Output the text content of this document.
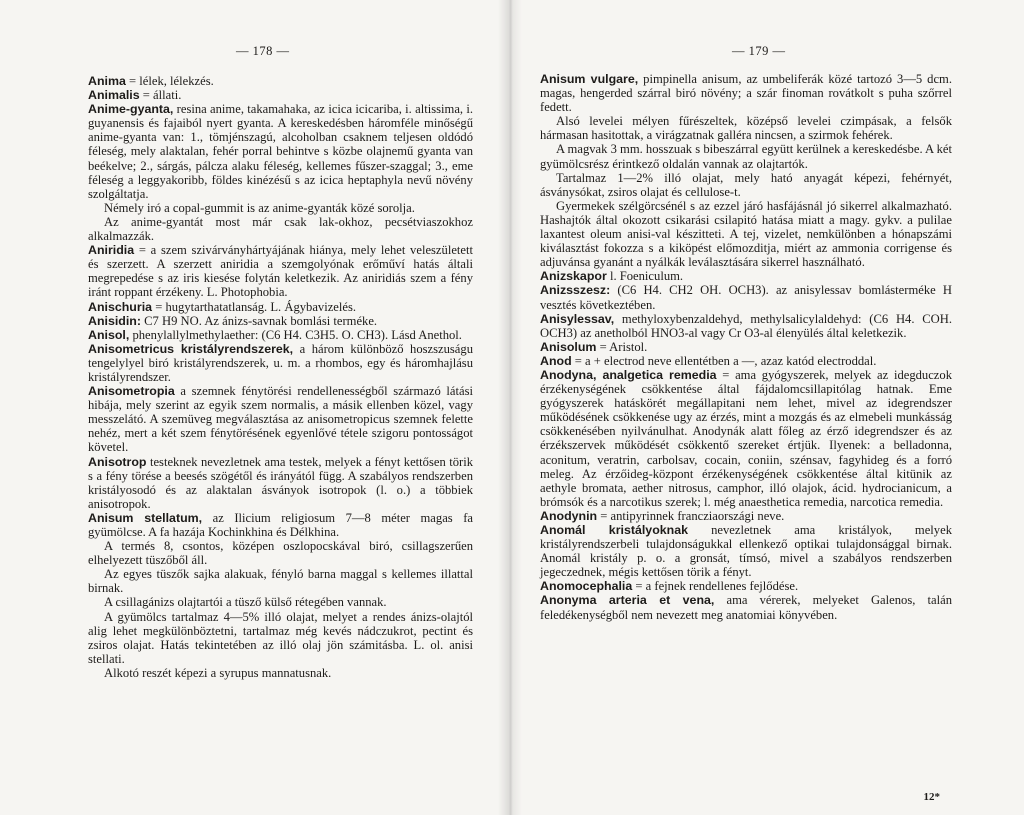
— 178 —

Anima = lélek, lélekzés.

Animalis = állati.

Anime-gyanta, resina anime, takamahaka, az icica icicariba, i. altissima, i. guyanensis és fajaiból nyert gyanta. A kereskedésben háromféle minőségű anime-gyanta van: 1., tömjénszagú, alcoholban csaknem teljesen oldódó féleség, mely alaktalan, fehér porral behintve s közbe olajnemű gyanta van beékelve; 2., sárgás, pálcza alaku féleség, kellemes fűszer-szaggal; 3., eme féleség a leggyakoribb, földes kinézésű s az icica heptaphyla nevű növény szolgáltatja.

Némely iró a copal-gummit is az anime-gyanták közé sorolja.

Az anime-gyantát most már csak lak-okhoz, pecsétviaszokhoz alkalmazzák.

Aniridia = a szem szivárványhártyájának hiánya, mely lehet veleszületett és szerzett. A szerzett aniridia a szemgolyónak erőműví hatás általi megrepedése s az iris kiesése folytán keletkezik. Az aniridiás szem a fény iránt roppant érzékeny. L. Photophobia.

Anischuria = hugytarthatatlanság. L. Ágybavizelés.

Anisidin: C7 H9 NO. Az ánizs-savnak bomlási terméke.

Anisol, phenylallylmethylaether: (C6 H4. C3H5. O. CH3). Lásd Anethol.

Anisometricus kristályrendszerek, a három különböző hoszszuságu tengelylyel biró kristályrendszerek, u. m. a rhombos, egy és háromhajlásu kristályrendszer.

Anisometropia a szemnek fénytörési rendellenességből származó látási hibája, mely szerint az egyik szem normalis, a másik ellenben közel, vagy messzelátó. A szemüveg megválasztása az anisometropicus szemnek felette nehéz, mert a két szem fénytörésének egyenlővé tétele szigoru pontosságot követel.

Anisotrop testeknek nevezletnek ama testek, melyek a fényt kettősen törik s a fény törése a beesés szögétől és irányától függ. A szabályos rendszerben kristályosodó és az alaktalan ásványok isotropok (l. o.) a többiek anisotropok.

Anisum stellatum, az Ilicium religiosum 7—8 méter magas fa gyümölcse. A fa hazája Kochinkhina és Délkhina.

A termés 8, csontos, középen oszlopocskával biró, csillagszerűen elhelyezett tüszőből áll.

Az egyes tüszők sajka alakuak, fényló barna maggal s kellemes illattal birnak.

A csillagánizs olajtartói a tüsző külső rétegében vannak.

A gyümölcs tartalmaz 4—5% illó olajat, melyet a rendes ánizs-olajtól alig lehet megkülönböztetni, tartalmaz még kevés nádczukrot, pectint és zsiros olajat. Hatás tekintetében az illó olaj jön számitásba. L. ol. anisi stellati.

Alkotó reszét képezi a syrupus mannatusnak.

— 179 —

Anisum vulgare, pimpinella anisum, az umbeliferák közé tartozó 3—5 dcm. magas, hengerded szárral biró növény; a szár finoman rovátkolt s puha szőrrel fedett.

Alsó levelei mélyen fűrészeltek, középső levelei czimpásak, a felsők hármasan hasitottak, a virágzatnak gallérа nincsen, a szirmok fehérek.

A magvak 3 mm. hosszuak s bibeszárral együtt kerülnek a kereskedésbe. A két gyümölcsrész érintkező oldalán vannak az olajtartók.

Tartalmaz 1—2% illó olajat, mely ható anyagát képezi, fehérnyét, ásványsókat, zsiros olajat és cellulose-t.

Gyermekek szélgörcsénél s az ezzel járó hasfájásnál jó sikerrel alkalmazható. Hashajtók által okozott csikarási csilapitó hatása miatt a magy. gykv. a pulilae laxantest oleum anisi-val készitteti. A tej, vizelet, nemkülönben a hónapszámi kiválasztást fokozza s a kiköpést előmozditja, miért az ammonia corrigense és adjuvánsa gyanánt a nyálkák leválasztására sikerrel használható.

Anizskapor l. Foeniculum.

Anizsszesz: (C6 H4. CH2 OH. OCH3). az anisylessav bomlásterméke H vesztés következtében.

Anisylessav, methyloxybenzaldehyd, methylsalicylaldehyd: (C6 H4. COH. OCH3) az anetholból HNO3-al vagy Cr O3-al élenyülés által keletkezik.

Anisolum = Aristol.

Anod = a + electrod neve ellentétben a —, azaz katód electroddal.

Anodyna, analgetica remedia = ama gyógyszerek, melyek az idegduczok érzékenységének csökkentése által fájdalomcsillapitólag hatnak. Eme gyógyszerek hatáskörét megállapitani nem lehet, mivel az idegrendszer működésének csökkenése ugy az érzés, mint a mozgás és az elmebeli munkásság csökkenésében nyilvánulhat. Anodynák alatt főleg az érző idegrendszer és az érzékszervek működését csökkentő szereket értjük. Ilyenek: a belladonna, aconitum, veratrin, carbolsav, cocain, coniin, szénsav, fagyhideg és a forró meleg. Az érzőideg-központ érzékenységének csökkentése által kitünik az aethyle bromata, aether nitrosus, camphor, illó olajok, ácid. hydrocianicum, a brómsók és a narcotikus szerek; l. még anaesthetica remedia, narcotica remedia.

Anodynin = antipyrinnek francziaországi neve.

Anomál kristályoknak nevezletnek ama kristályok, melyek kristályrendszerbeli tulajdonságukkal ellenkező optikai tulajdonsággal birnak. Anomál kristály p. o. a gronsát, tímsó, mivel a szabályos rendszerben jegeczednek, mégis kettősen törik a fényt.

Anomocephalia = a fejnek rendellenes fejlődése.

Anonyma arteria et vena, ama vérerek, melyeket Galenos, talán feledékenységből nem nevezett meg anatomiai könyvében.

12*
